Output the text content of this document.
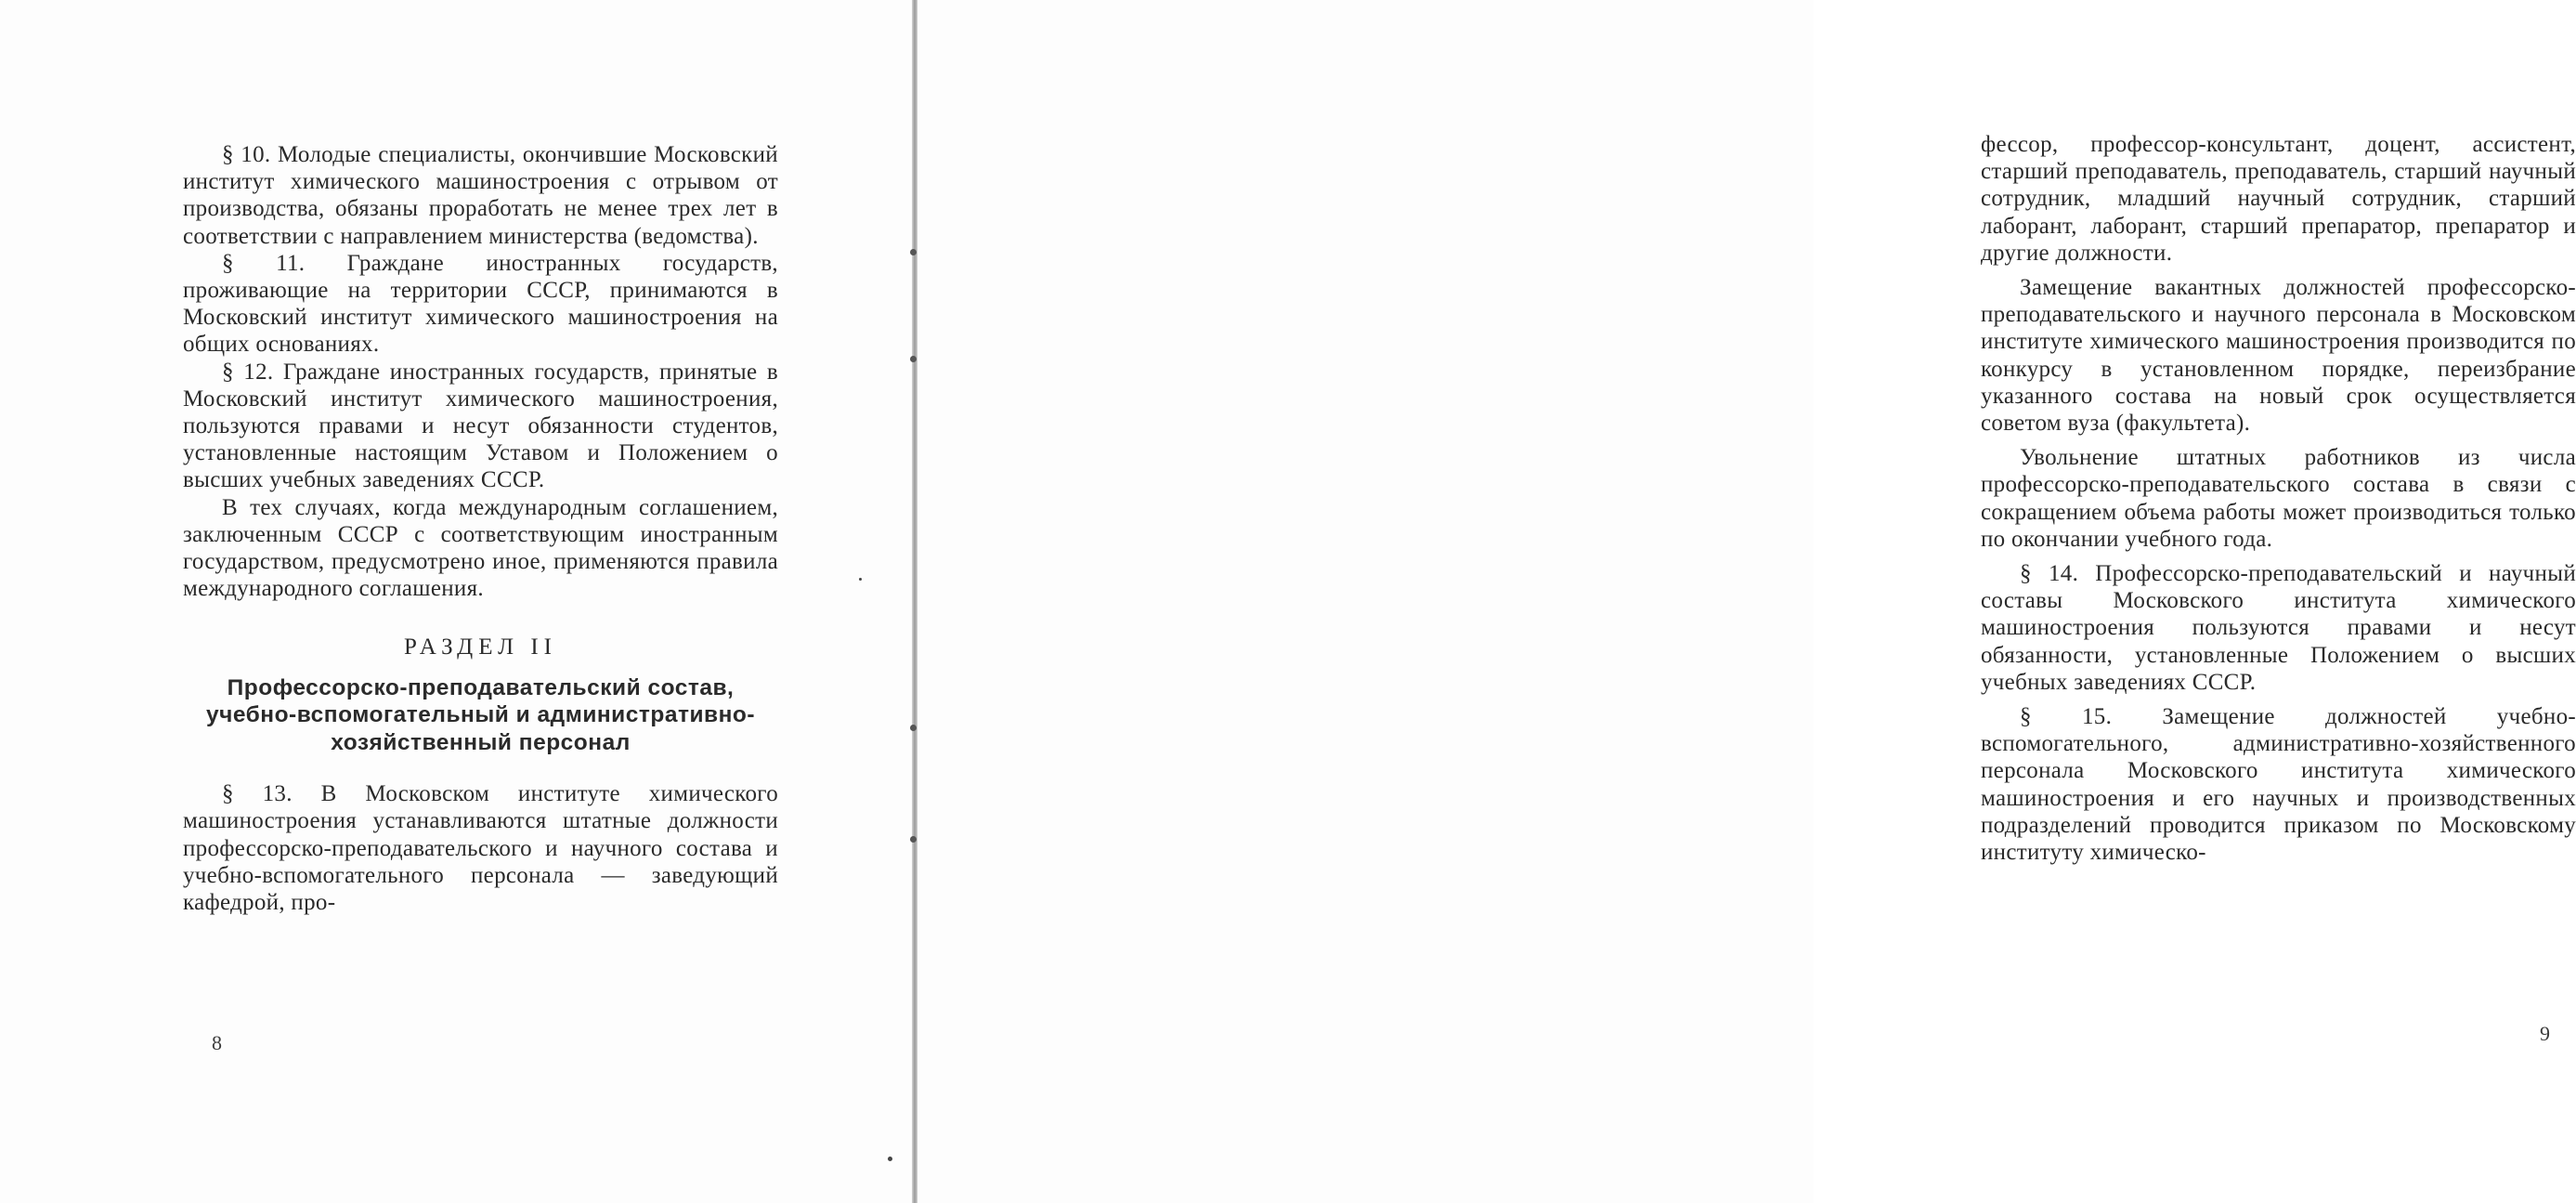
§ 10. Молодые специалисты, окончившие Московский институт химического машиностроения с отрывом от производства, обязаны проработать не менее трех лет в соответствии с направлением министерства (ведомства).

§ 11. Граждане иностранных государств, проживающие на территории СССР, принимаются в Московский институт химического машиностроения на общих основаниях.

§ 12. Граждане иностранных государств, принятые в Московский институт химического машиностроения, пользуются правами и несут обязанности студентов, установленные настоящим Уставом и Положением о высших учебных заведениях СССР.

В тех случаях, когда международным соглашением, заключенным СССР с соответствующим иностранным государством, предусмотрено иное, применяются правила международного соглашения.

РАЗДЕЛ II

Профессорско-преподавательский состав, учебно-вспомогательный и административно-хозяйственный персонал

§ 13. В Московском институте химического машиностроения устанавливаются штатные должности профессорско-преподавательского и научного состава и учебно-вспомогательного персонала — заведующий кафедрой, про-

8

фессор, профессор-консультант, доцент, ассистент, старший преподаватель, преподаватель, старший научный сотрудник, младший научный сотрудник, старший лаборант, лаборант, старший препаратор, препаратор и другие должности.

Замещение вакантных должностей профессорско-преподавательского и научного персонала в Московском институте химического машиностроения производится по конкурсу в установленном порядке, переизбрание указанного состава на новый срок осуществляется советом вуза (факультета).

Увольнение штатных работников из числа профессорско-преподавательского состава в связи с сокращением объема работы может производиться только по окончании учебного года.

§ 14. Профессорско-преподавательский и научный составы Московского института химического машиностроения пользуются правами и несут обязанности, установленные Положением о высших учебных заведениях СССР.

§ 15. Замещение должностей учебно-вспомогательного, административно-хозяйственного персонала Московского института химического машиностроения и его научных и производственных подразделений проводится приказом по Московскому институту химическо-

9
